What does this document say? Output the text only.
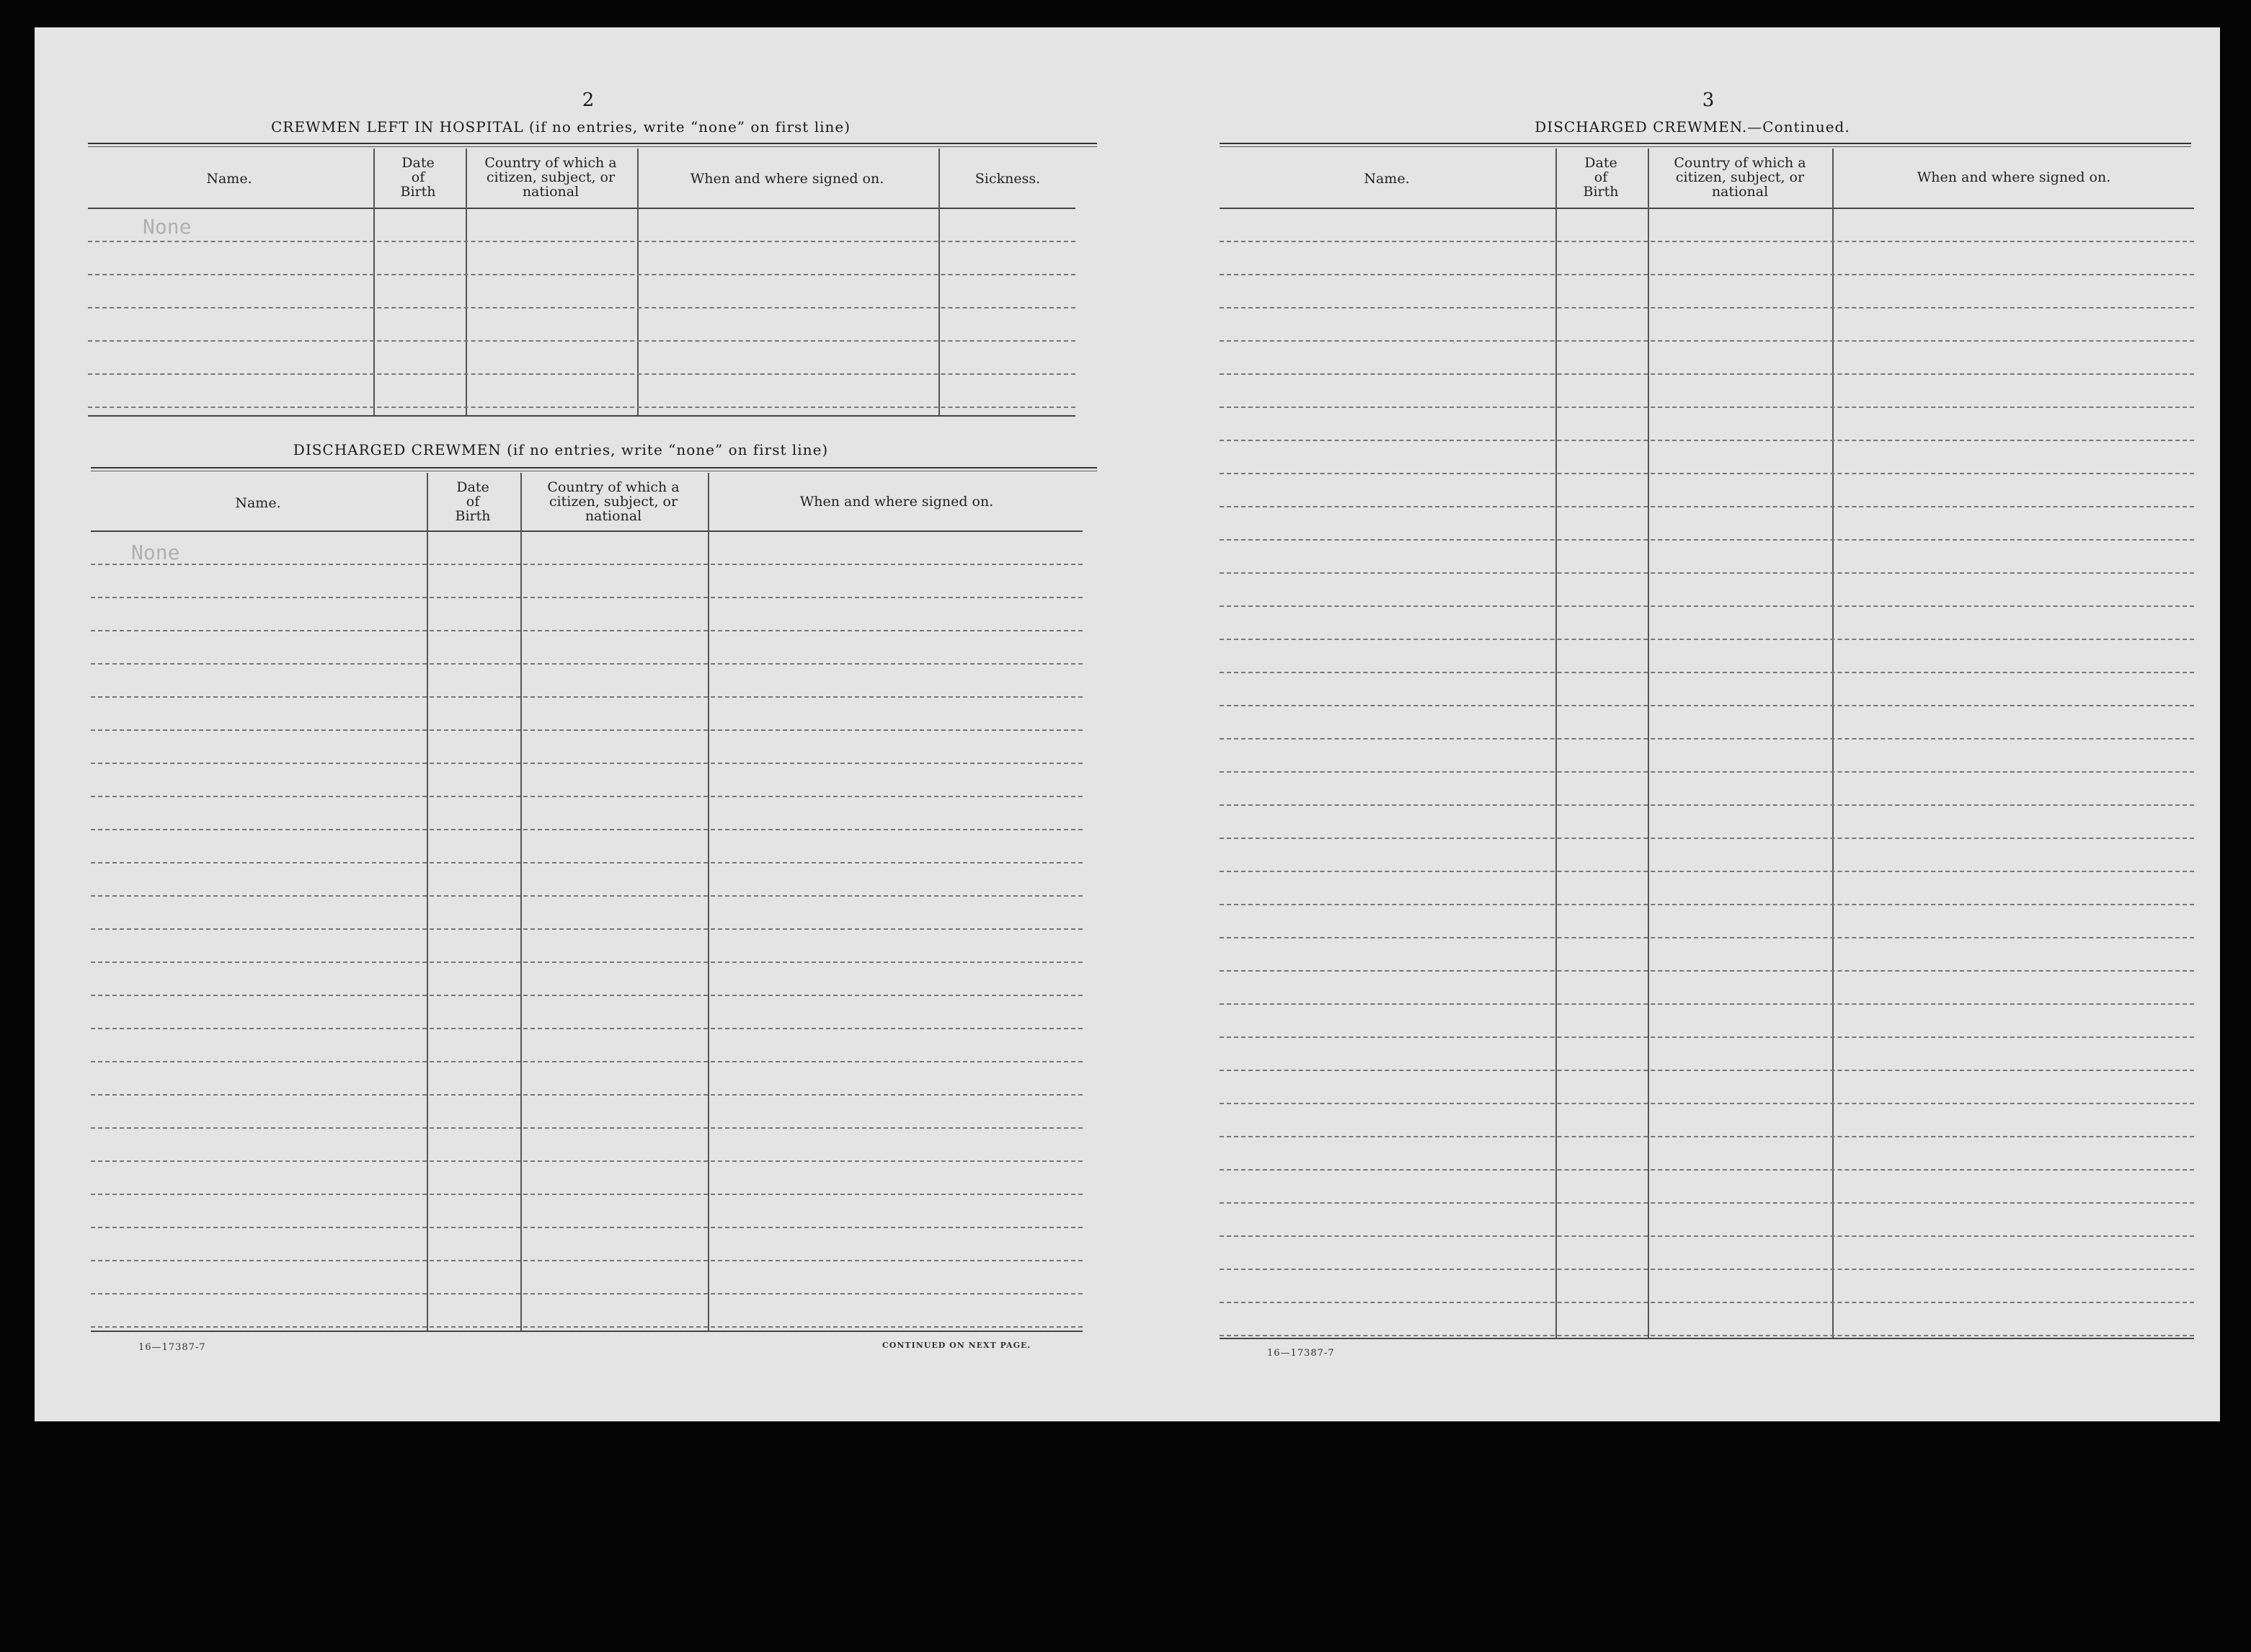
2
CREWMEN LEFT IN HOSPITAL (if no entries, write “none” on first line)
Name.
Date
of
Birth
Country of which a
citizen, subject, or
national
When and where signed on.	Sickness.
None
DISCHARGED CREWMEN (if no entries, write “none” on first line)
Name.
Date
of
Birth
Country of which a
citizen, subject, or
national
When and where signed on.
None
16—17387-7	CONTINUED ON NEXT PAGE.
3
DISCHARGED CREWMEN.—Continued.
Name.
Date
of
Birth
Country of which a
citizen, subject, or
national
When and where signed on.
16—17387-7
